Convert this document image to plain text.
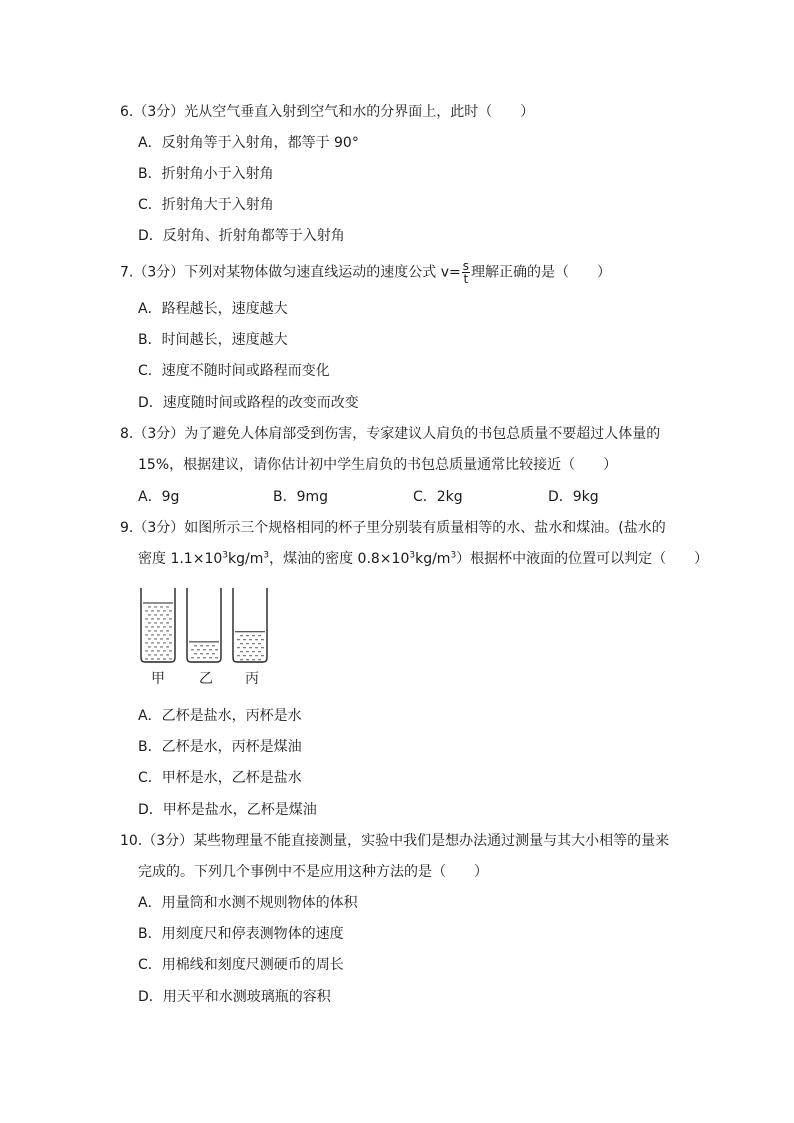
6.（3分）光从空气垂直入射到空气和水的分界面上，此时（　　）
A．反射角等于入射角，都等于 90°
B．折射角小于入射角
C．折射角大于入射角
D．反射角、折射角都等于入射角
7.（3分）下列对某物体做匀速直线运动的速度公式 $v= \frac{s}{t}$ 理解正确的是（　　）
A．路程越长，速度越大
B．时间越长，速度越大
C．速度不随时间或路程而变化
D．速度随时间或路程的改变而改变
8.（3分）为了避免人体肩部受到伤害，专家建议人肩负的书包总质量不要超过人体量的
15%，根据建议，请你估计初中学生肩负的书包总质量通常比较接近（　　）
A．9g	B．9mg	C．2kg	D．9kg
9.（3分）如图所示三个规格相同的杯子里分别装有质量相等的水、盐水和煤油。(盐水的
密度 $1.1\times 10^3kg/m^3$，煤油的密度 $0.8\times 10^3kg/m^3$）根据杯中液面的位置可以判定（　　）
甲	乙	丙
A．乙杯是盐水，丙杯是水
B．乙杯是水，丙杯是煤油
C．甲杯是水，乙杯是盐水
D．甲杯是盐水，乙杯是煤油
10.（3分）某些物理量不能直接测量，实验中我们是想办法通过测量与其大小相等的量来
完成的。下列几个事例中不是应用这种方法的是（　　）
A．用量筒和水测不规则物体的体积
B．用刻度尺和停表测物体的速度
C．用棉线和刻度尺测硬币的周长
D．用天平和水测玻璃瓶的容积
